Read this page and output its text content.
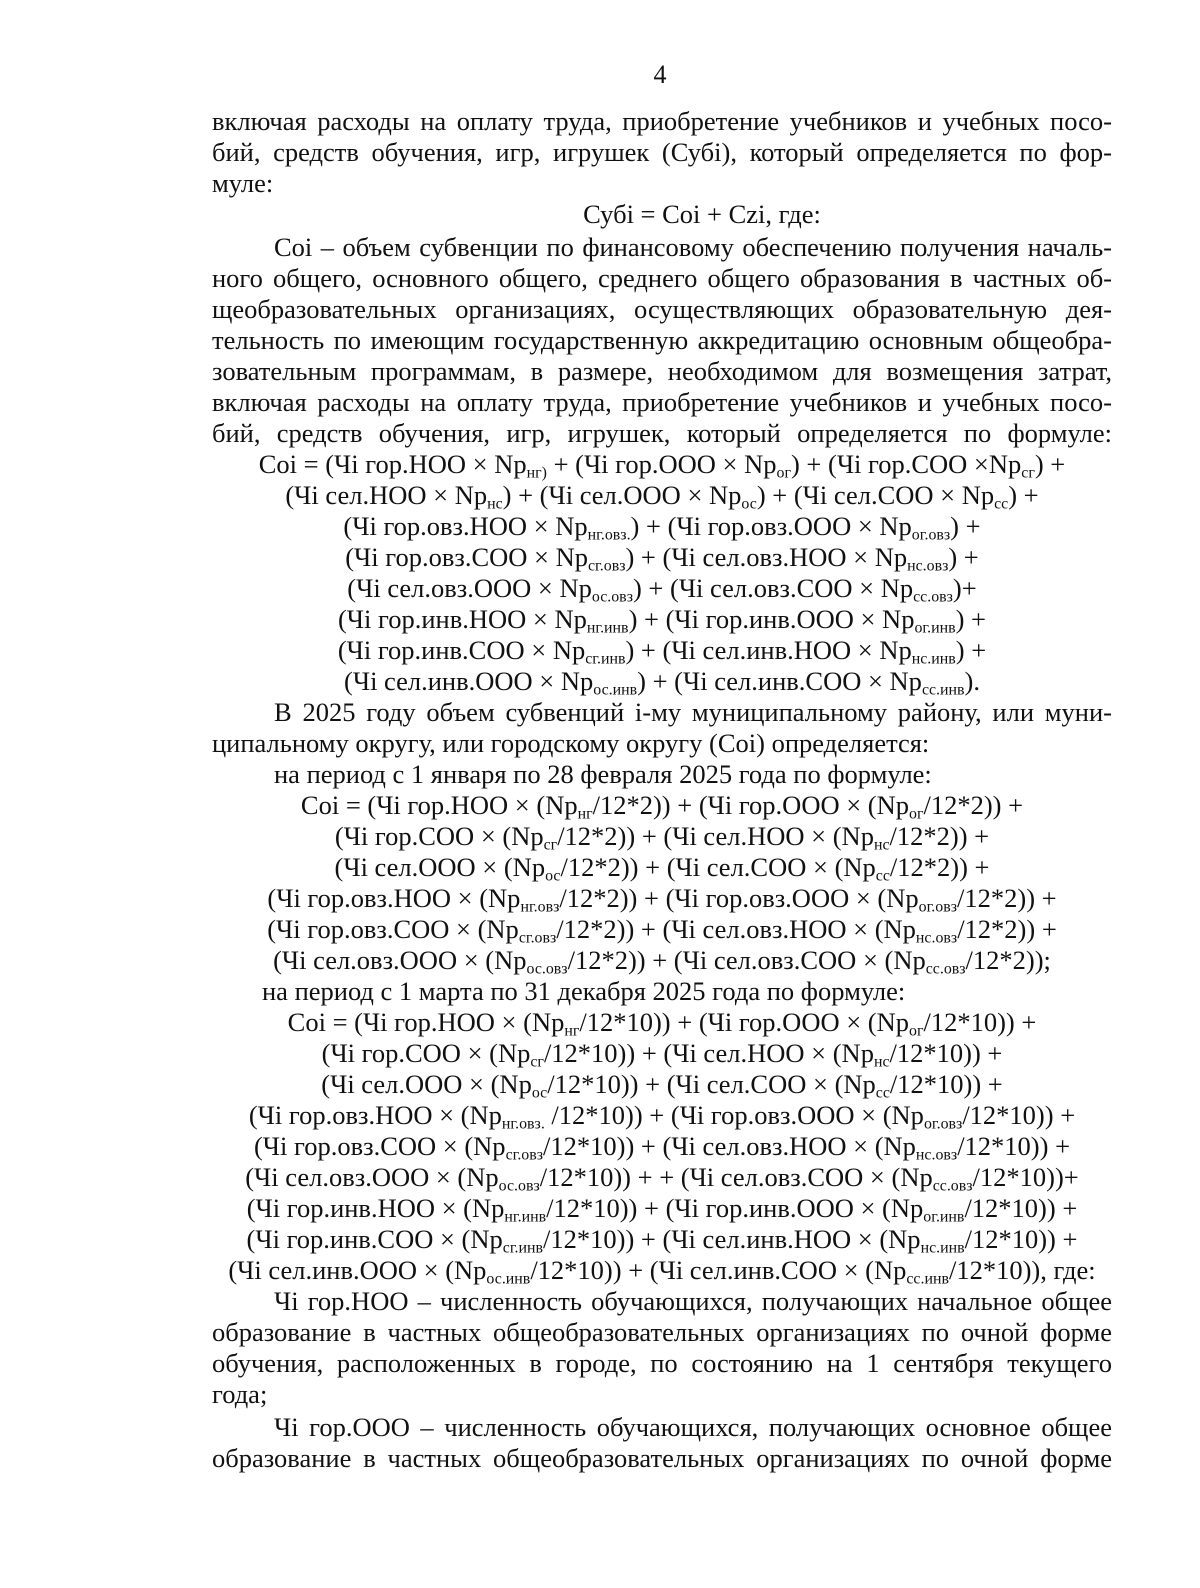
4
включая расходы на оплату труда, приобретение учебников и учебных посо-
бий, средств обучения, игр, игрушек (Субі), который определяется по фор-
муле:
Субі = Соі + Czi, где:
Соі – объем субвенции по финансовому обеспечению получения началь-
ного общего, основного общего, среднего общего образования в частных об-
щеобразовательных организациях, осуществляющих образовательную дея-
тельность по имеющим государственную аккредитацию основным общеобра-
зовательным программам, в размере, необходимом для возмещения затрат,
включая расходы на оплату труда, приобретение учебников и учебных посо-
бий, средств обучения, игр, игрушек, который определяется по формуле:
Соі = (Чі $гор.НОО \times Np_{нг)} + (Чі$ $гор.ООО \times Np_{ог}) + (Чі$ $гор.СОО \times Np_{сг}$) +
(Чі $сел.НОО \times Np_{нс}) + (Чі$ $сел.ООО \times Np_{ос}) + (Чі$ $сел.СОО \times Np_{сс}$) +
(Чі $гор.овз.НОО \times Np_{нг.овз.}) + (Чі$ $гор.овз.ООО \times Np_{ог.овз}$) +
(Чі $гор.овз.СОО \times Np_{сг.овз}) + (Чі$ $сел.овз.НОО \times Np_{нс.овз}$) +
(Чі $сел.овз.ООО \times Np_{ос.овз}) + (Чі$ $сел.овз.СОО \times Np_{сс.овз})+$
(Чі $гор.инв.НОО \times Np_{нг.инв}) + (Чі$ $гор.инв.ООО \times Np_{ог.инв}$) +
(Чі $гор.инв.СОО \times Np_{сг.инв}) + (Чі$ $сел.инв.НОО \times Np_{нс.инв}$) +
(Чі $сел.инв.ООО \times Np_{ос.инв}) + (Чі$ $сел.инв.СОО \times Np_{сс.инв}$).
В 2025 году объем субвенций і-му муниципальному району, или муни-
ципальному округу, или городскому округу (Соі) определяется:
на период с 1 января по 28 февраля 2025 года по формуле:
Соі = (Чі $гор.НОО \times (Np_{нг}/12*2)) + (Чі$ $гор.ООО \times (Np_{ог}/12*2)$) +
(Чі $гор.СОО \times (Np_{сг}/12*2)) + (Чі$ $сел.НОО \times (Np_{нс}/12*2)$) +
(Чі $сел.ООО \times (Np_{ос}/12*2)) + (Чі$ $сел.СОО \times (Np_{сс}/12*2)$) +
(Чі $гор.овз.НОО \times (Np_{нг.овз}/12*2)) + (Чі$ $гор.овз.ООО \times (Np_{ог.овз}/12*2)$) +
(Чі $гор.овз.СОО \times (Np_{сг.овз}/12*2)) + (Чі$ $сел.овз.НОО \times (Np_{нс.овз}/12*2)$) +
(Чі $сел.овз.ООО \times (Np_{ос.овз}/12*2)) + (Чі$ $сел.овз.СОО \times (Np_{сс.овз}/12*2)$);
на период с 1 марта по 31 декабря 2025 года по формуле:
Соі = (Чі $гор.НОО \times (Np_{нг}/12*10)) + (Чі$ $гор.ООО \times (Np_{ог}/12*10)$) +
(Чі $гор.СОО \times (Np_{сг}/12*10)) + (Чі$ $сел.НОО \times (Np_{нс}/12*10)$) +
(Чі $сел.ООО \times (Np_{ос}/12*10)) + (Чі$ $сел.СОО \times (Np_{сс}/12*10)$) +
(Чі $гор.овз.НОО \times (Np_{нг.овз.}$ /12*10)) + (Чі $гор.овз.ООО \times (Np_{ог.овз}/12*10)$) +
(Чі $гор.овз.СОО \times (Np_{сг.овз}/12*10)) + (Чі$ $сел.овз.НОО \times (Np_{нс.овз}/12*10)$) +
(Чі $сел.овз.ООО \times (Np_{ос.овз}/12*10)$) + + (Чі $сел.овз.СОО \times (Np_{сс.овз}/12*10))+$
(Чі $гор.инв.НОО \times (Np_{нг.инв}/12*10)) + (Чі$ $гор.инв.ООО \times (Np_{ог.инв}/12*10)$) +
(Чі $гор.инв.СОО \times (Np_{сг.инв}/12*10)) + (Чі$ $сел.инв.НОО \times (Np_{нс.инв}/12*10)$) +
(Чі $сел.инв.ООО \times (Np_{ос.инв}/12*10)) + (Чі$ $сел.инв.СОО \times (Np_{сс.инв}/12*10)$), где:
Чі гор.НОО – численность обучающихся, получающих начальное общее
образование в частных общеобразовательных организациях по очной форме
обучения, расположенных в городе, по состоянию на 1 сентября текущего
года;
Чі гор.ООО – численность обучающихся, получающих основное общее
образование в частных общеобразовательных организациях по очной форме
